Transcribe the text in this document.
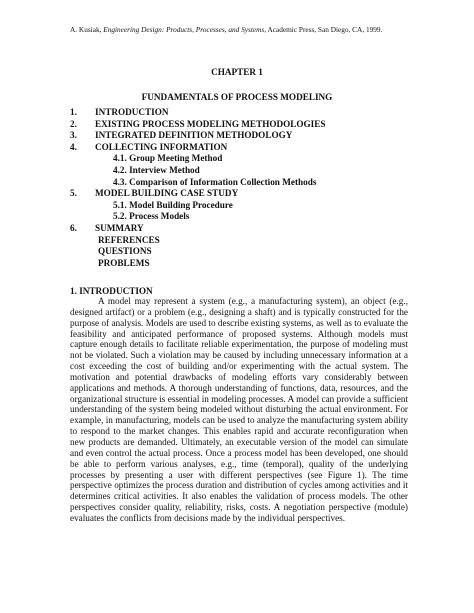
A. Kusiak, Engineering Design: Products, Processes, and Systems, Academic Press, San Diego, CA, 1999.
CHAPTER 1
FUNDAMENTALS OF PROCESS MODELING
1. INTRODUCTION
2. EXISTING PROCESS MODELING METHODOLOGIES
3. INTEGRATED DEFINITION METHODOLOGY
4. COLLECTING INFORMATION
4.1. Group Meeting Method
4.2. Interview Method
4.3. Comparison of Information Collection Methods
5. MODEL BUILDING CASE STUDY
5.1. Model Building Procedure
5.2. Process Models
6. SUMMARY
REFERENCES
QUESTIONS
PROBLEMS
1. INTRODUCTION
A model may represent a system (e.g., a manufacturing system), an object (e.g., designed artifact) or a problem (e.g., designing a shaft) and is typically constructed for the purpose of analysis. Models are used to describe existing systems, as well as to evaluate the feasibility and anticipated performance of proposed systems. Although models must capture enough details to facilitate reliable experimentation, the purpose of modeling must not be violated. Such a violation may be caused by including unnecessary information at a cost exceeding the cost of building and/or experimenting with the actual system. The motivation and potential drawbacks of modeling efforts vary considerably between applications and methods. A thorough understanding of functions, data, resources, and the organizational structure is essential in modeling processes. A model can provide a sufficient understanding of the system being modeled without disturbing the actual environment. For example, in manufacturing, models can be used to analyze the manufacturing system ability to respond to the market changes. This enables rapid and accurate reconfiguration when new products are demanded. Ultimately, an executable version of the model can simulate and even control the actual process. Once a process model has been developed, one should be able to perform various analyses, e.g., time (temporal), quality of the underlying processes by presenting a user with different perspectives (see Figure 1). The time perspective optimizes the process duration and distribution of cycles among activities and it determines critical activities. It also enables the validation of process models. The other perspectives consider quality, reliability, risks, costs. A negotiation perspective (module) evaluates the conflicts from decisions made by the individual perspectives.
